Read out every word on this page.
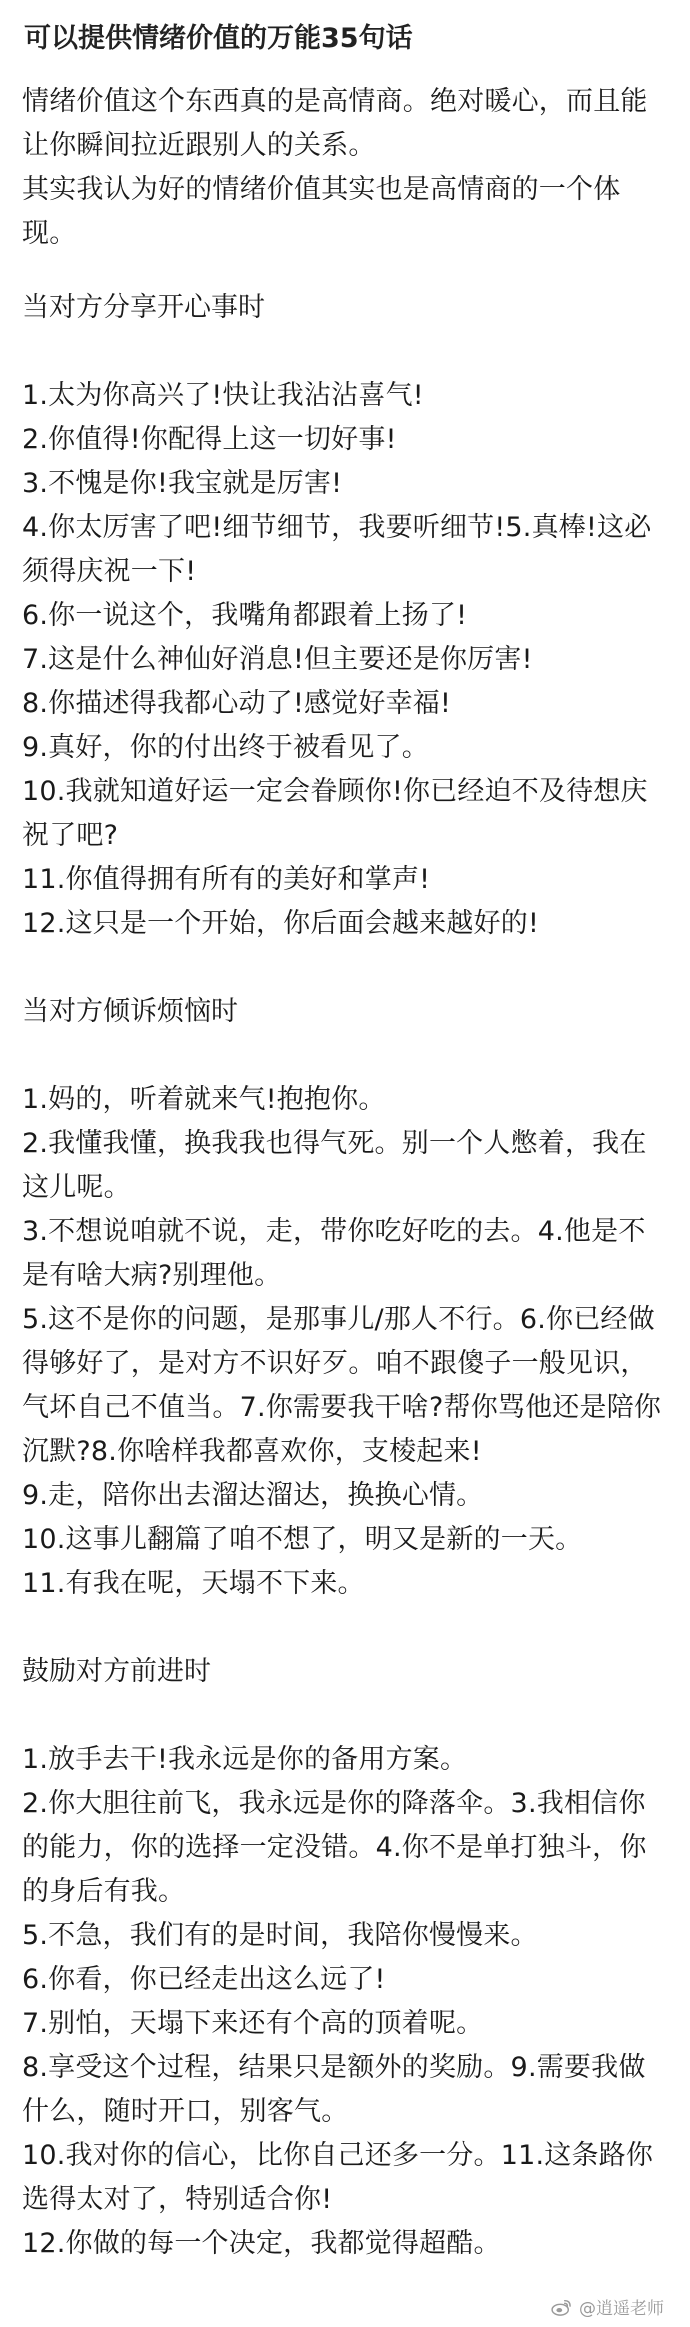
可以提供情绪价值的万能35句话

情绪价值这个东西真的是高情商。绝对暖心，而且能让你瞬间拉近跟别人的关系。

其实我认为好的情绪价值其实也是高情商的一个体现。

当对方分享开心事时

1.太为你高兴了!快让我沾沾喜气!

2.你值得!你配得上这一切好事!

3.不愧是你!我宝就是厉害!

4.你太厉害了吧!细节细节，我要听细节!5.真棒!这必须得庆祝一下!

6.你一说这个，我嘴角都跟着上扬了!

7.这是什么神仙好消息!但主要还是你厉害!

8.你描述得我都心动了!感觉好幸福!

9.真好，你的付出终于被看见了。

10.我就知道好运一定会眷顾你!你已经迫不及待想庆祝了吧?

11.你值得拥有所有的美好和掌声!

12.这只是一个开始，你后面会越来越好的!

当对方倾诉烦恼时

1.妈的，听着就来气!抱抱你。

2.我懂我懂，换我我也得气死。别一个人憋着，我在这儿呢。

3.不想说咱就不说，走，带你吃好吃的去。4.他是不是有啥大病?别理他。

5.这不是你的问题，是那事儿/那人不行。6.你已经做得够好了，是对方不识好歹。咱不跟傻子一般见识，气坏自己不值当。7.你需要我干啥?帮你骂他还是陪你沉默?8.你啥样我都喜欢你，支棱起来!

9.走，陪你出去溜达溜达，换换心情。

10.这事儿翻篇了咱不想了，明又是新的一天。

11.有我在呢，天塌不下来。

鼓励对方前进时

1.放手去干!我永远是你的备用方案。

2.你大胆往前飞，我永远是你的降落伞。3.我相信你的能力，你的选择一定没错。4.你不是单打独斗，你的身后有我。

5.不急，我们有的是时间，我陪你慢慢来。

6.你看，你已经走出这么远了!

7.别怕，天塌下来还有个高的顶着呢。

8.享受这个过程，结果只是额外的奖励。9.需要我做什么，随时开口，别客气。

10.我对你的信心，比你自己还多一分。11.这条路你选得太对了，特别适合你!

12.你做的每一个决定，我都觉得超酷。

@逍遥老师
